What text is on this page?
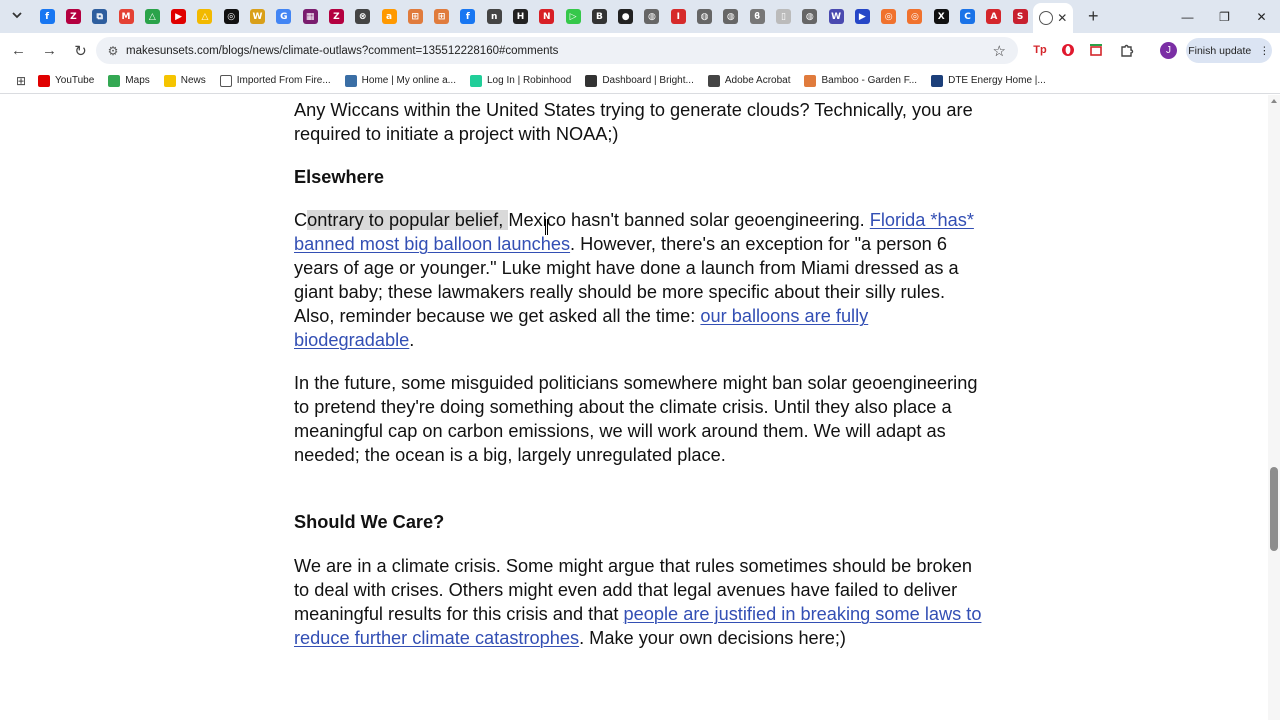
f	Z	⧉	M	△	▶	△	◎	W	G	▦	Z	⊗	a	⊞	⊞	f	n	H	N	▷	B	●	◍	I	◍	◍	ϐ	▯	◍	W	▶	◎	◎	X	C	A	S	✕	+	—	❐	✕
← → ↻	⚙ makesunsets.com/blogs/news/climate-outlaws?comment=135512228160#comments	☆ Tp	J	Finish update ⋮
⊞	YouTube	Maps	News	Imported From Fire...	Home | My online a...	Log In | Robinhood	Dashboard | Bright...	Adobe Acrobat	Bamboo - Garden F...	DTE Energy Home |...

Any Wiccans within the United States trying to generate clouds? Technically, you are required to initiate a project with NOAA;)

Elsewhere

Contrary to popular belief, Mexico hasn't banned solar geoengineering. Florida *has* banned most big balloon launches. However, there's an exception for "a person 6 years of age or younger." Luke might have done a launch from Miami dressed as a giant baby; these lawmakers really should be more specific about their silly rules. Also, reminder because we get asked all the time: our balloons are fully biodegradable.

In the future, some misguided politicians somewhere might ban solar geoengineering to pretend they're doing something about the climate crisis. Until they also place a meaningful cap on carbon emissions, we will work around them. We will adapt as needed; the ocean is a big, largely unregulated place.

Should We Care?

We are in a climate crisis. Some might argue that rules sometimes should be broken to deal with crises. Others might even add that legal avenues have failed to deliver meaningful results for this crisis and that people are justified in breaking some laws to reduce further climate catastrophes. Make your own decisions here;)
